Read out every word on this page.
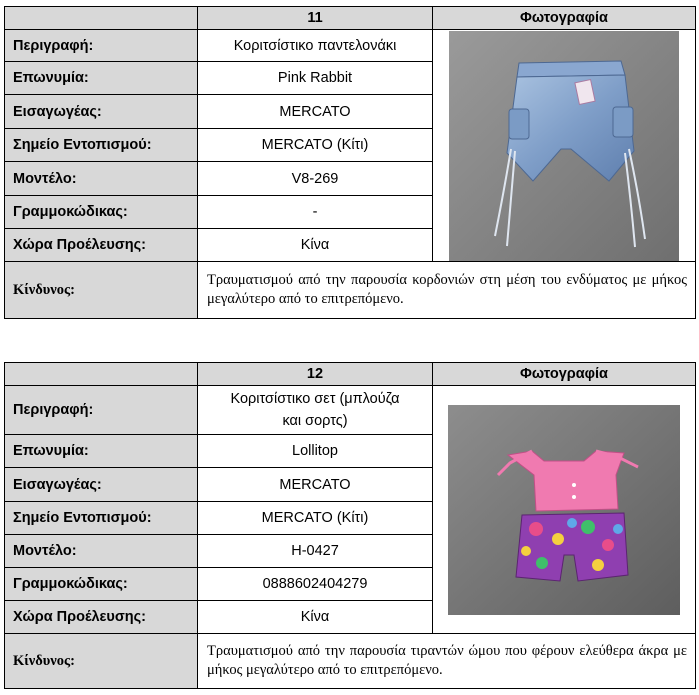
	11	Φωτογραφία
Περιγραφή:	Κοριτσίστικο παντελονάκι	

Επωνυμία:	Pink Rabbit	
Εισαγωγέας:	MERCATO	
Σημείο Εντοπισμού:	MERCATO (Κίτι)	
Μοντέλο:	V8-269	
Γραμμοκώδικας:	-	
Χώρα Προέλευσης:	Κίνα	
Κίνδυνος:	Τραυματισμού από την παρουσία κορδονιών στη μέση του ενδύματος με μήκος μεγαλύτερο από το επιτρεπόμενο.	
	12	Φωτογραφία
Περιγραφή:	Κοριτσίστικο σετ (μπλούζα και σορτς)	

Επωνυμία:	Lollitop	
Εισαγωγέας:	MERCATO	
Σημείο Εντοπισμού:	MERCATO (Κίτι)	
Μοντέλο:	H-0427	
Γραμμοκώδικας:	0888602404279	
Χώρα Προέλευσης:	Κίνα	
Κίνδυνος:	Τραυματισμού από την παρουσία τιραντών ώμου που φέρουν ελεύθερα άκρα με μήκος μεγαλύτερο από το επιτρεπόμενο.	
